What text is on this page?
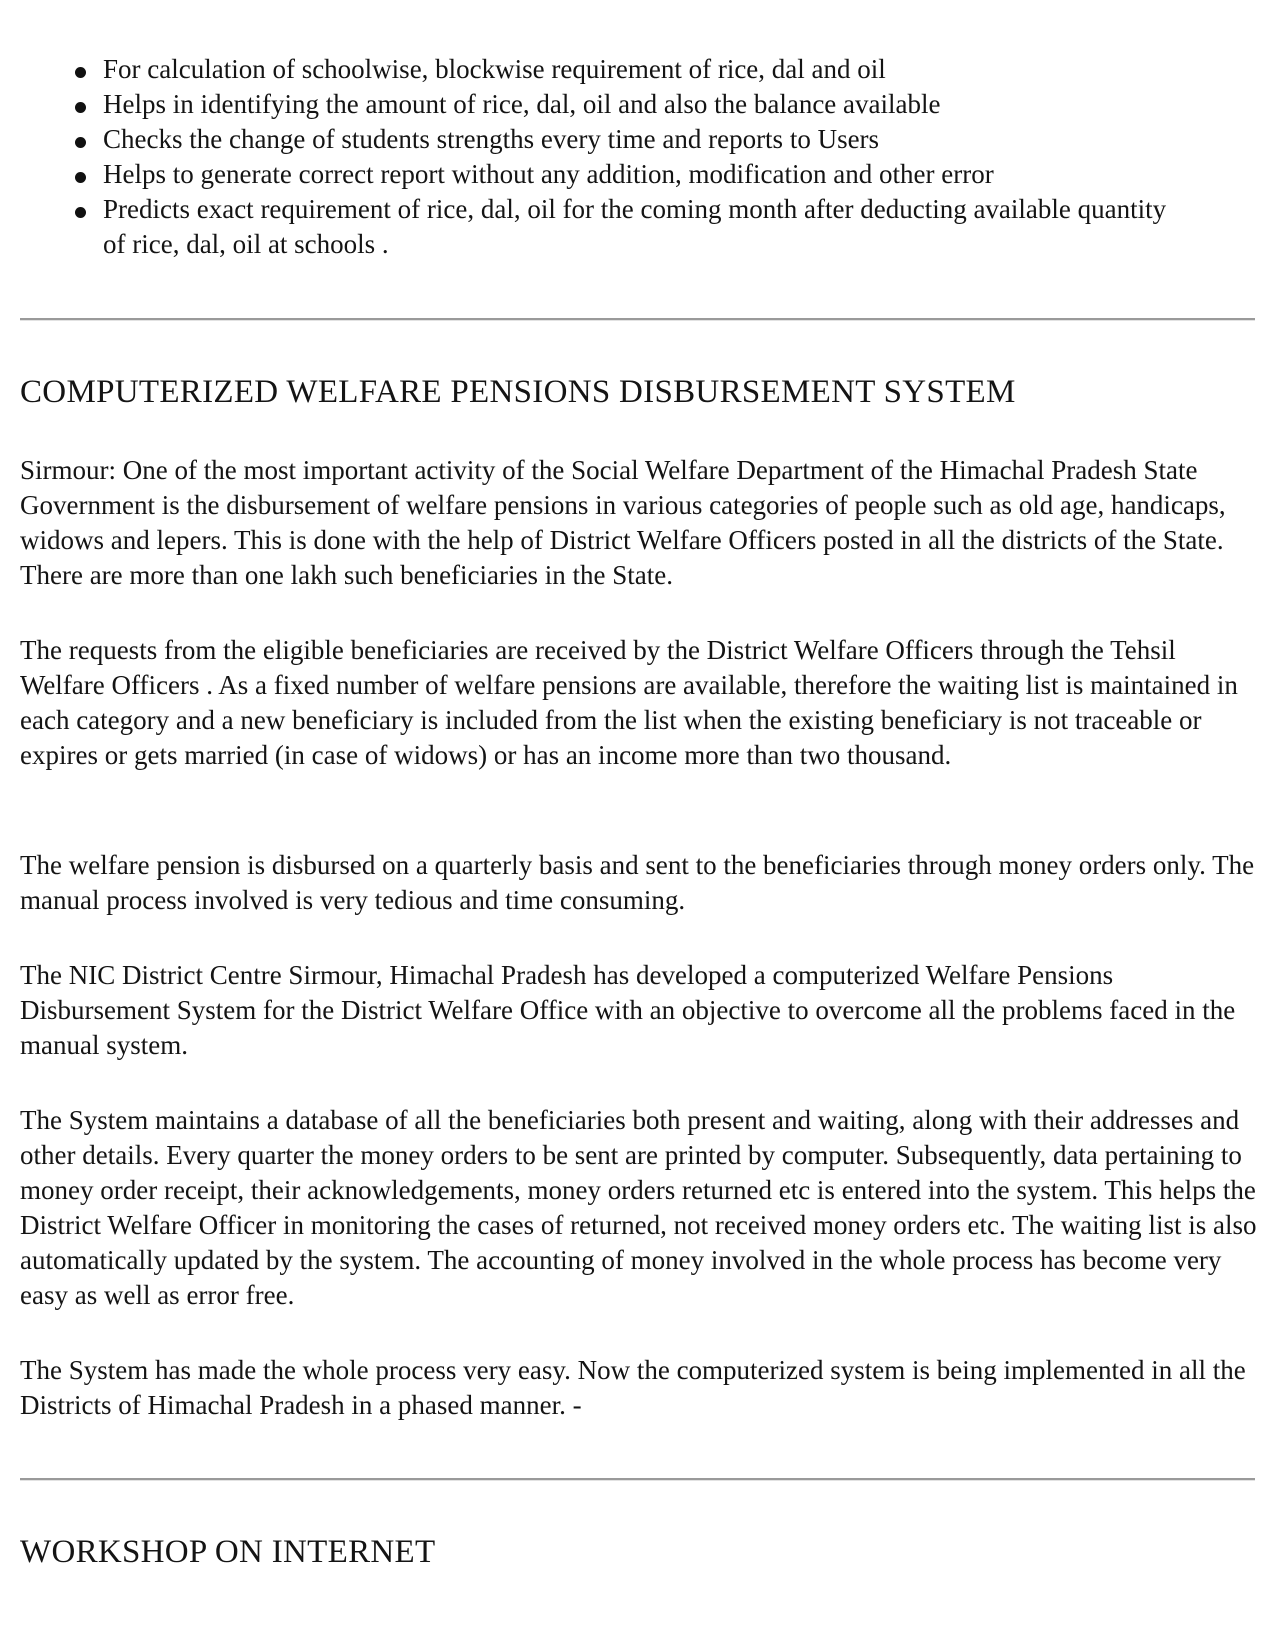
For calculation of schoolwise, blockwise requirement of rice, dal and oil
Helps in identifying the amount of rice, dal, oil and also the balance available
Checks the change of students strengths every time and reports to Users
Helps to generate correct report without any addition, modification and other error
Predicts exact requirement of rice, dal, oil for the coming month after deducting available quantity of rice, dal, oil at schools .
COMPUTERIZED WELFARE PENSIONS DISBURSEMENT SYSTEM

Sirmour: One of the most important activity of the Social Welfare Department of the Himachal Pradesh State Government is the disbursement of welfare pensions in various categories of people such as old age, handicaps, widows and lepers. This is done with the help of District Welfare Officers posted in all the districts of the State. There are more than one lakh such beneficiaries in the State.

The requests from the eligible beneficiaries are received by the District Welfare Officers through the Tehsil Welfare Officers . As a fixed number of welfare pensions are available, therefore the waiting list is maintained in each category and a new beneficiary is included from the list when the existing beneficiary is not traceable or expires or gets married (in case of widows) or has an income more than two thousand.

The welfare pension is disbursed on a quarterly basis and sent to the beneficiaries through money orders only. The manual process involved is very tedious and time consuming.

The NIC District Centre Sirmour, Himachal Pradesh has developed a computerized Welfare Pensions Disbursement System for the District Welfare Office with an objective to overcome all the problems faced in the manual system.

The System maintains a database of all the beneficiaries both present and waiting, along with their addresses and other details. Every quarter the money orders to be sent are printed by computer. Subsequently, data pertaining to money order receipt, their acknowledgements, money orders returned etc is entered into the system. This helps the District Welfare Officer in monitoring the cases of returned, not received money orders etc. The waiting list is also automatically updated by the system. The accounting of money involved in the whole process has become very easy as well as error free.

The System has made the whole process very easy. Now the computerized system is being implemented in all the Districts of Himachal Pradesh in a phased manner. -

WORKSHOP ON INTERNET
